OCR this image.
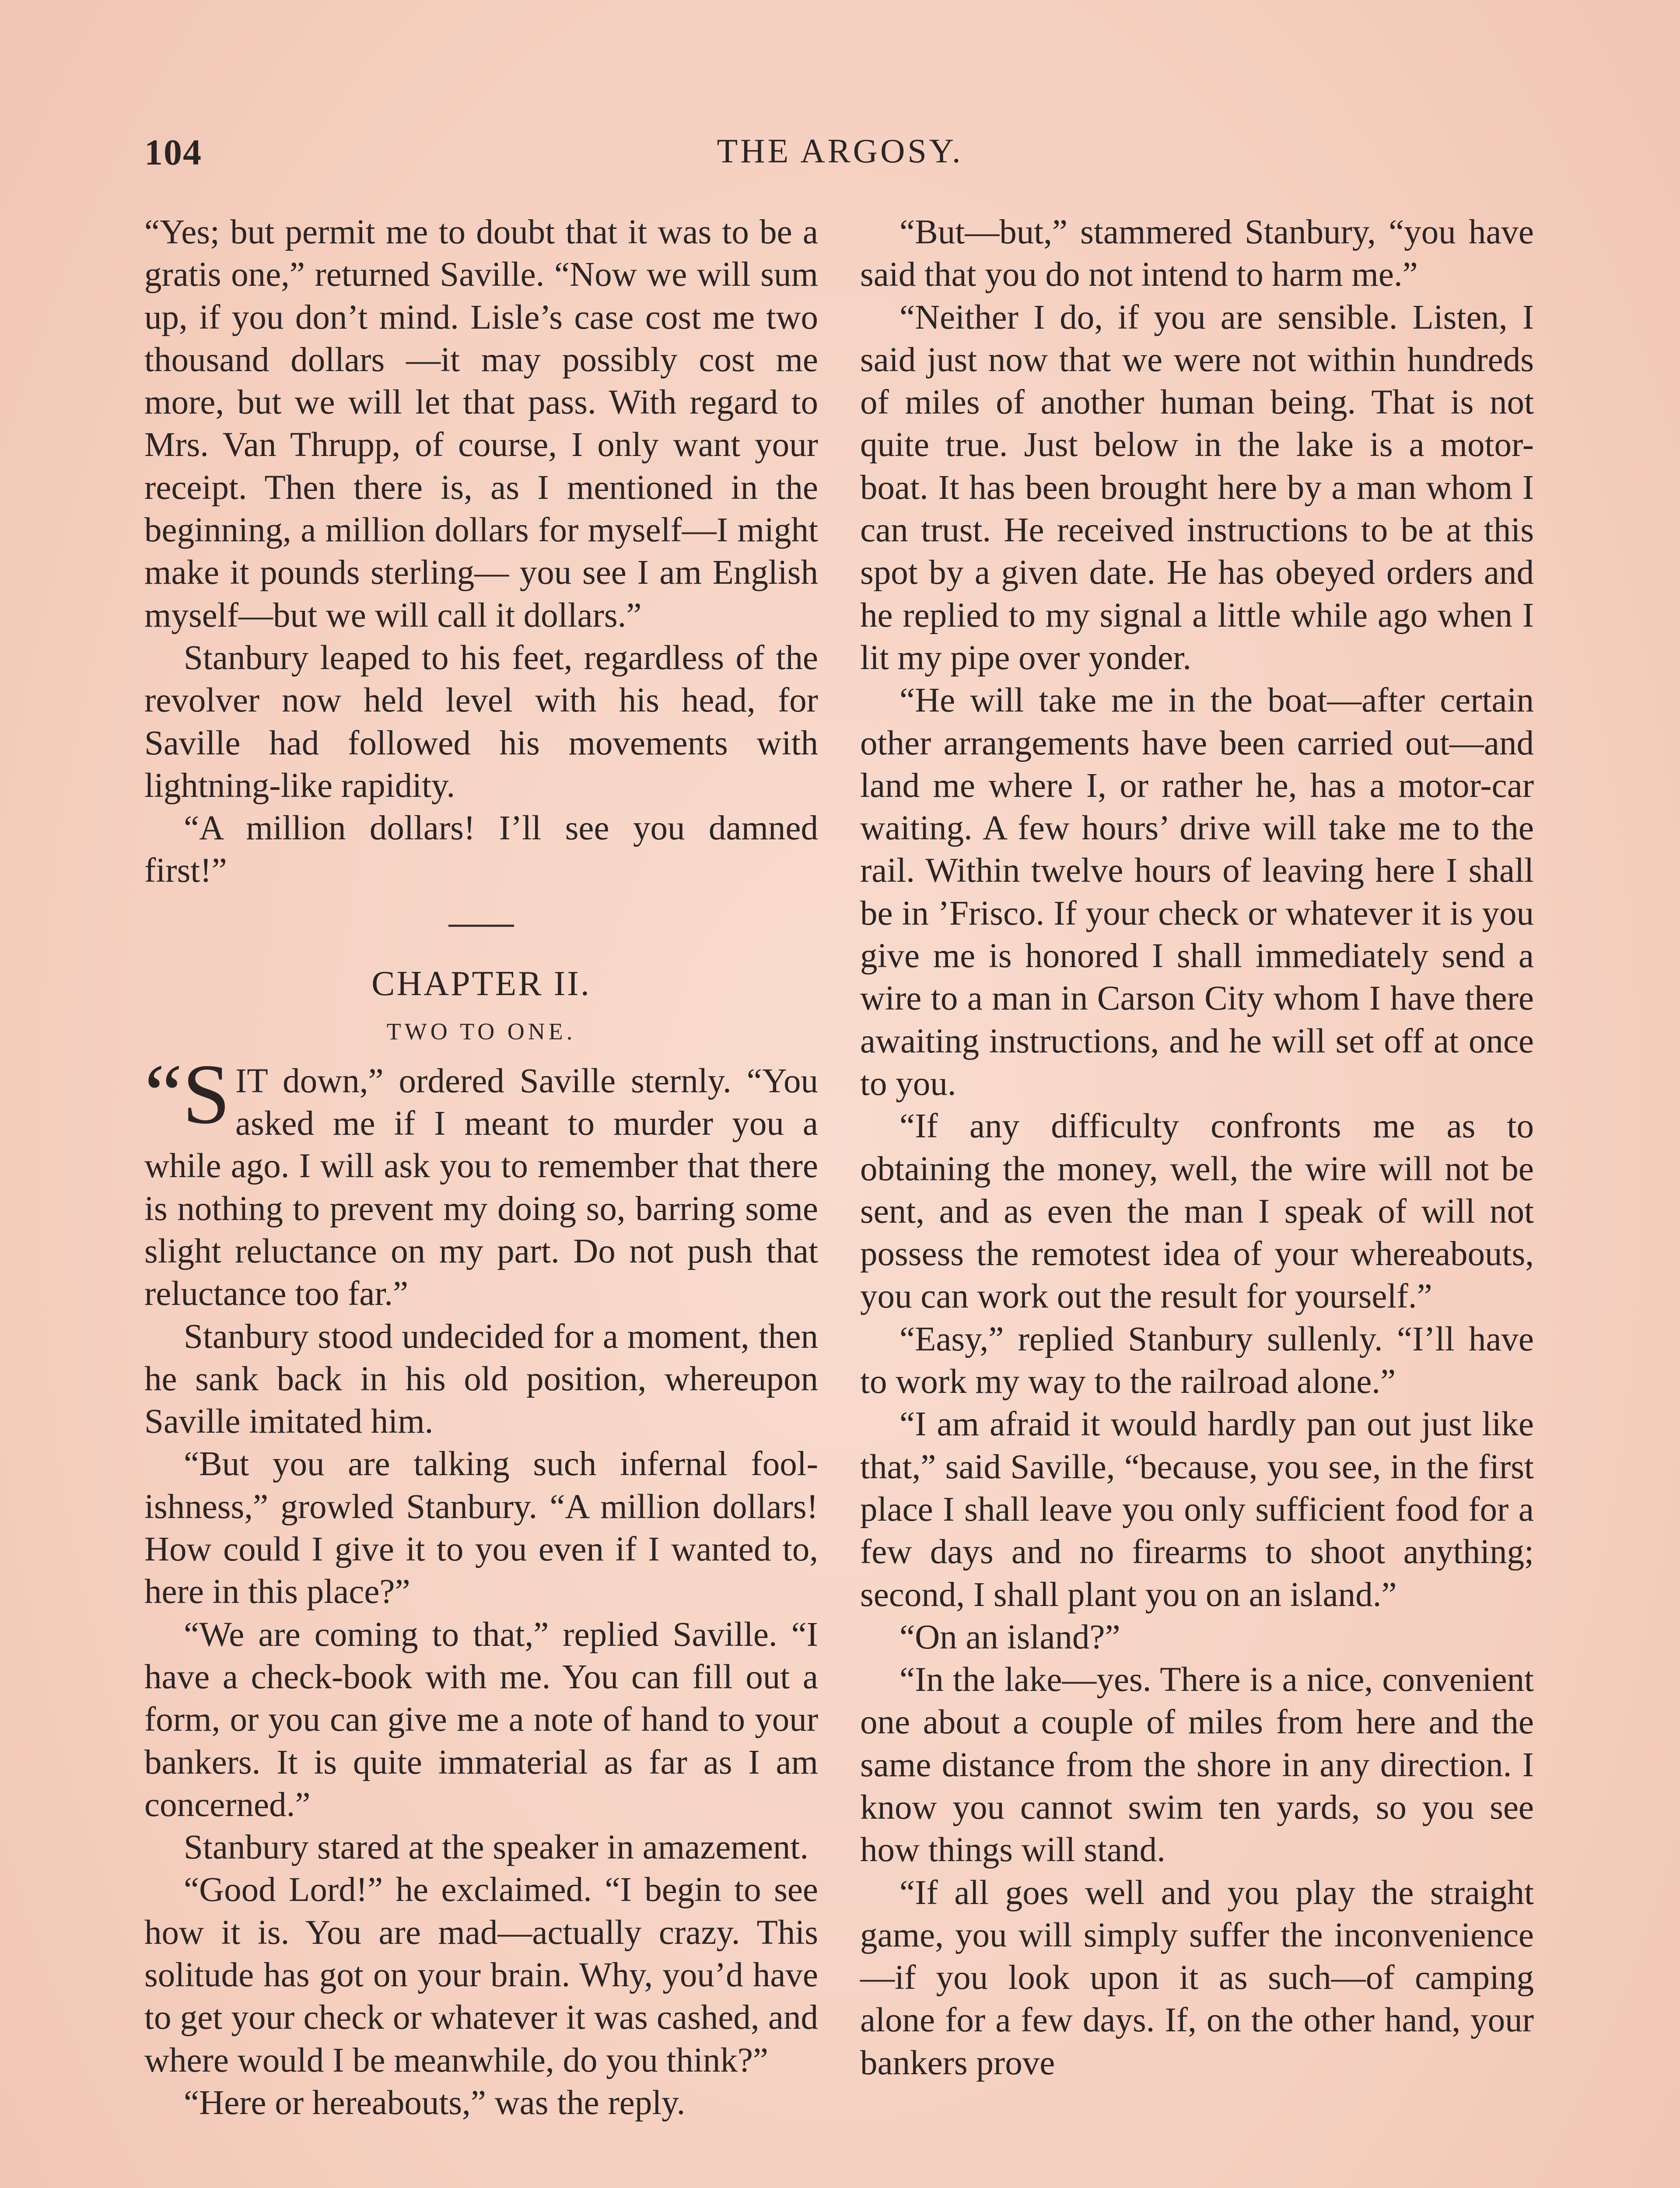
104	THE ARGOSY.

“Yes; but permit me to doubt that it was to be a gratis one,” returned Saville. “Now we will sum up, if you don’t mind. Lisle’s case cost me two thousand dollars —it may possibly cost me more, but we will let that pass. With regard to Mrs. Van Thrupp, of course, I only want your receipt. Then there is, as I mentioned in the beginning, a million dollars for myself—I might make it pounds sterling— you see I am English myself—but we will call it dollars.”

Stanbury leaped to his feet, regardless of the revolver now held level with his head, for Saville had followed his movements with lightning-like rapidity.

“A million dollars! I’ll see you damned first!”

CHAPTER II.
TWO TO ONE.

“S IT down,” ordered Saville sternly. “You asked me if I meant to murder you a while ago. I will ask you to remember that there is nothing to prevent my doing so, barring some slight reluctance on my part. Do not push that reluctance too far.”

Stanbury stood undecided for a moment, then he sank back in his old position, whereupon Saville imitated him.

“But you are talking such infernal foolishness,” growled Stanbury. “A million dollars! How could I give it to you even if I wanted to, here in this place?”

“We are coming to that,” replied Saville. “I have a check-book with me. You can fill out a form, or you can give me a note of hand to your bankers. It is quite immaterial as far as I am concerned.”

Stanbury stared at the speaker in amazement.

“Good Lord!” he exclaimed. “I begin to see how it is. You are mad—actually crazy. This solitude has got on your brain. Why, you’d have to get your check or whatever it was cashed, and where would I be meanwhile, do you think?”

“Here or hereabouts,” was the reply.

“But—but,” stammered Stanbury, “you have said that you do not intend to harm me.”

“Neither I do, if you are sensible. Listen, I said just now that we were not within hundreds of miles of another human being. That is not quite true. Just below in the lake is a motor-boat. It has been brought here by a man whom I can trust. He received instructions to be at this spot by a given date. He has obeyed orders and he replied to my signal a little while ago when I lit my pipe over yonder.

“He will take me in the boat—after certain other arrangements have been carried out—and land me where I, or rather he, has a motor-car waiting. A few hours’ drive will take me to the rail. Within twelve hours of leaving here I shall be in ’Frisco. If your check or whatever it is you give me is honored I shall immediately send a wire to a man in Carson City whom I have there awaiting instructions, and he will set off at once to you.

“If any difficulty confronts me as to obtaining the money, well, the wire will not be sent, and as even the man I speak of will not possess the remotest idea of your whereabouts, you can work out the result for yourself.”

“Easy,” replied Stanbury sullenly. “I’ll have to work my way to the railroad alone.”

“I am afraid it would hardly pan out just like that,” said Saville, “because, you see, in the first place I shall leave you only sufficient food for a few days and no firearms to shoot anything; second, I shall plant you on an island.”

“On an island?”

“In the lake—yes. There is a nice, convenient one about a couple of miles from here and the same distance from the shore in any direction. I know you cannot swim ten yards, so you see how things will stand.

“If all goes well and you play the straight game, you will simply suffer the inconvenience—if you look upon it as such—of camping alone for a few days. If, on the other hand, your bankers prove
